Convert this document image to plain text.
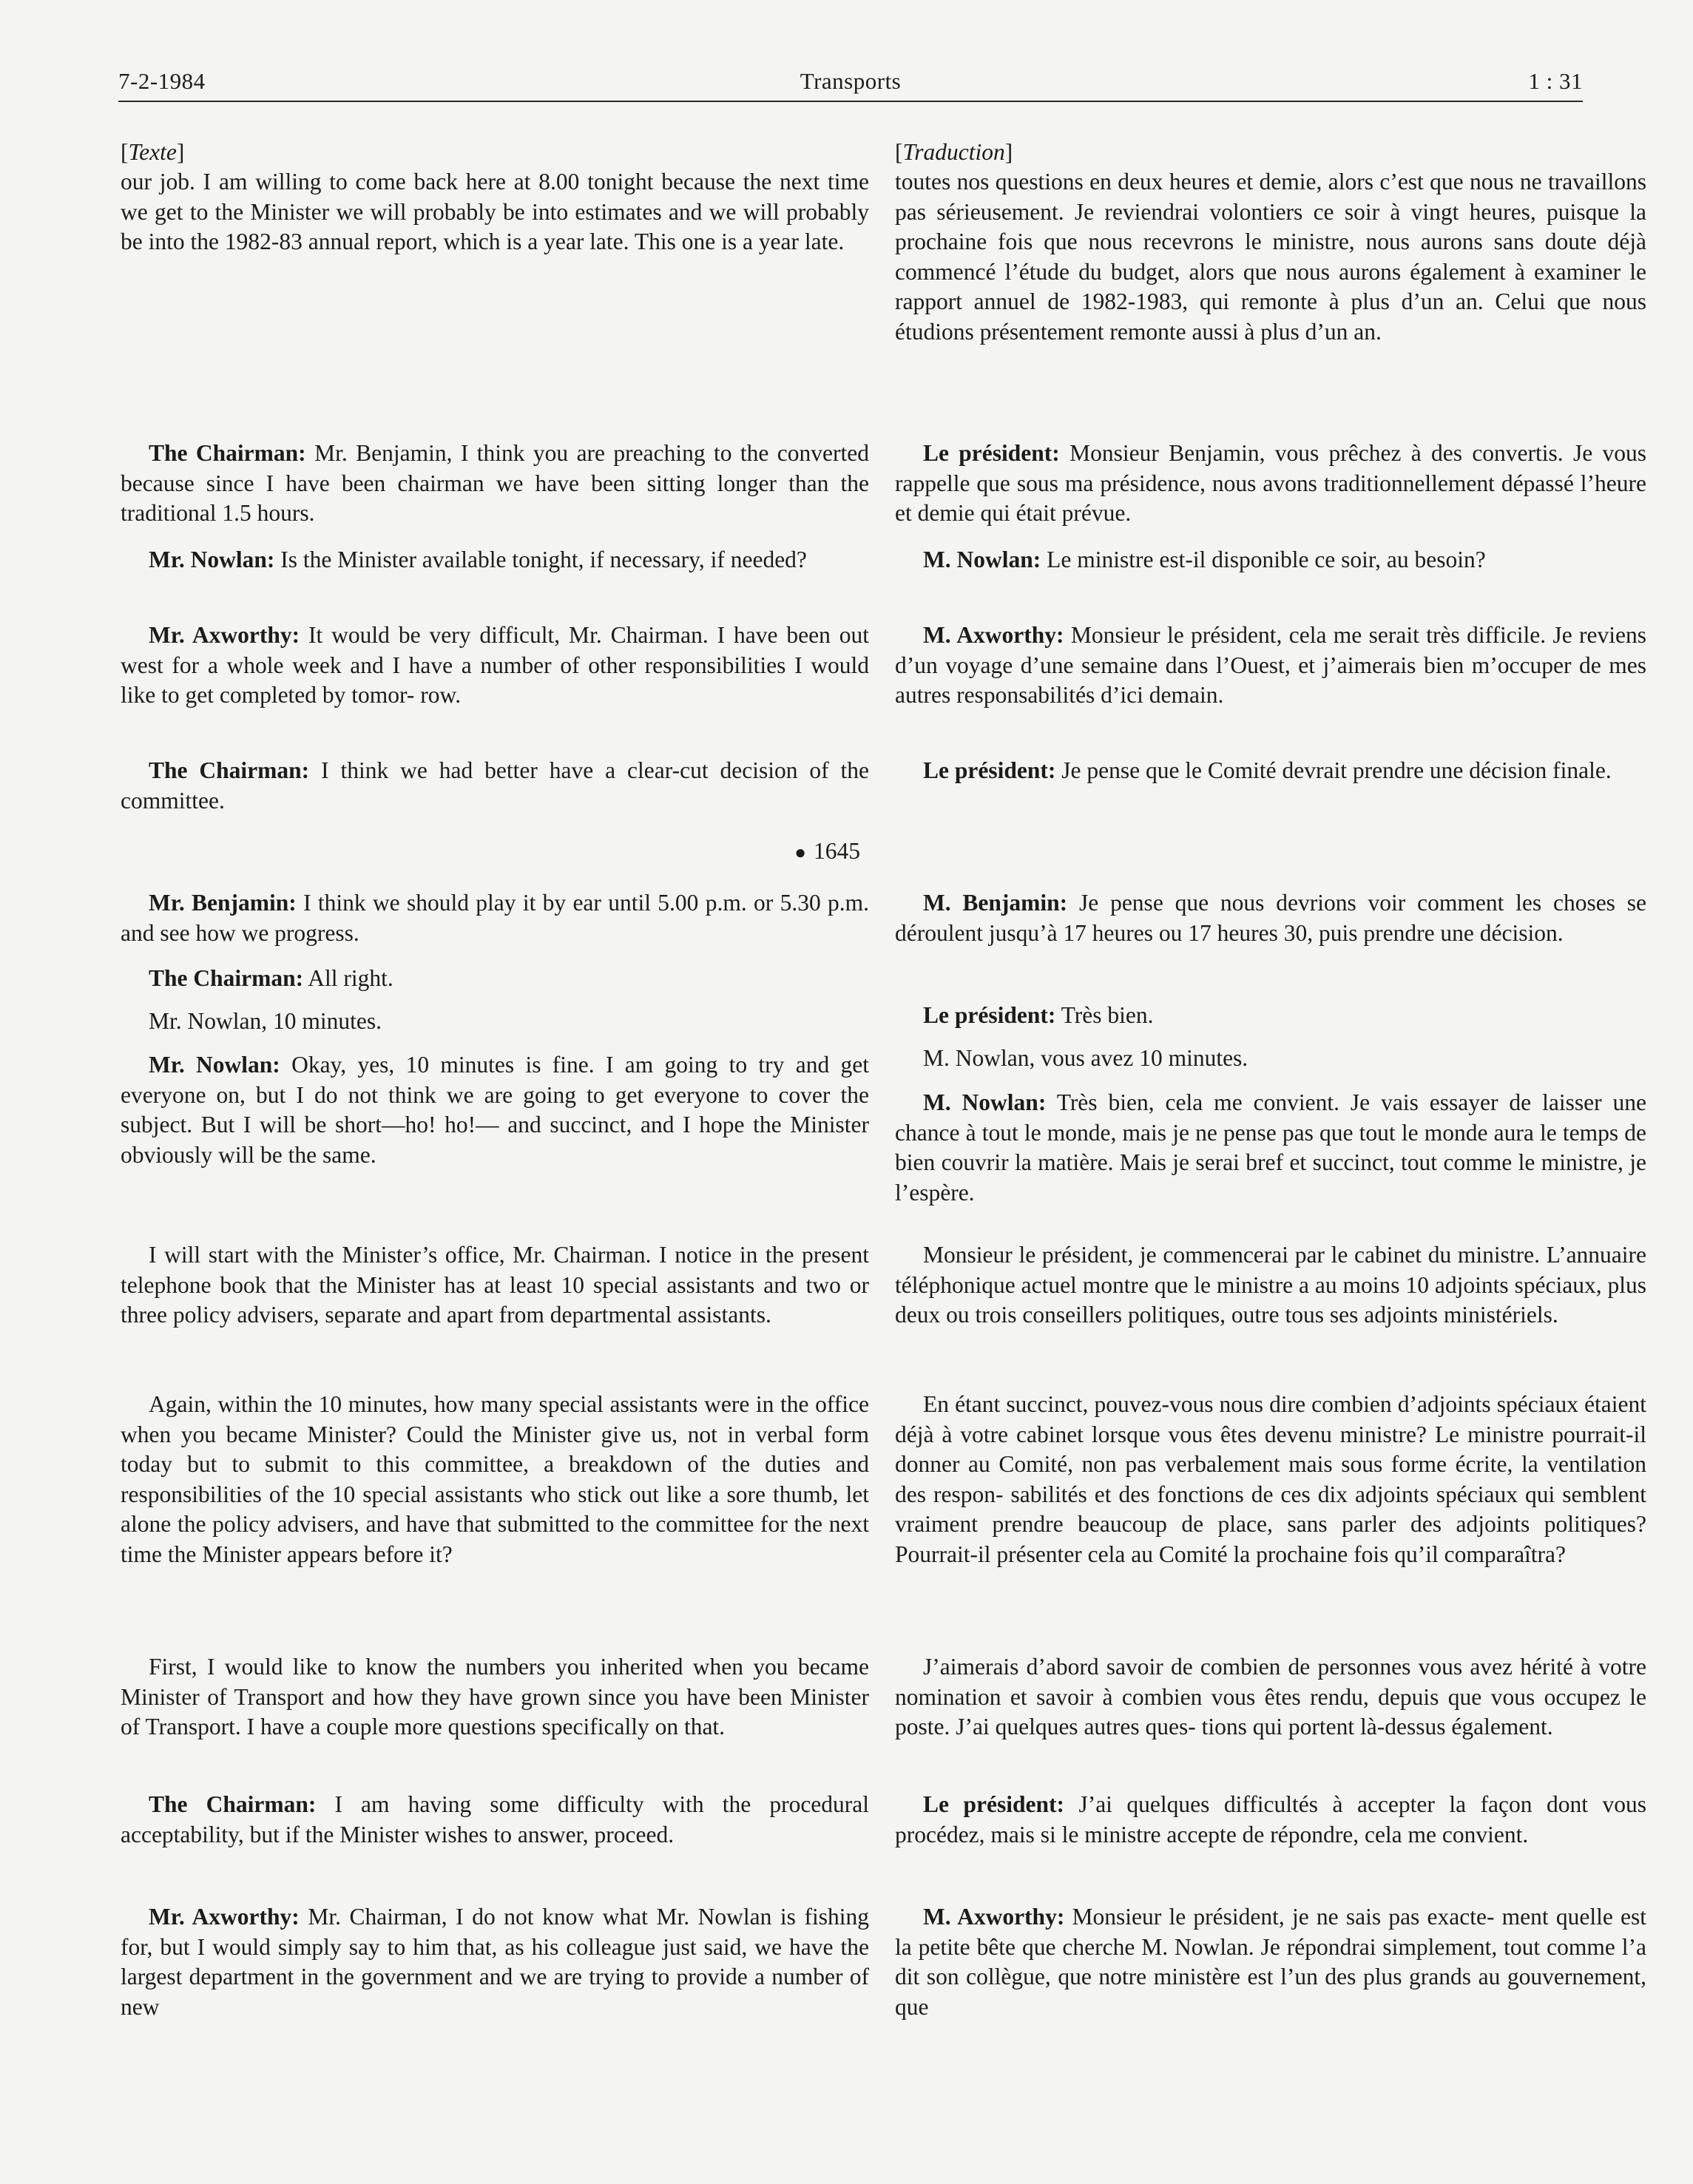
7-2-1984	Transports	1 : 31
[Texte]

our job. I am willing to come back here at 8.00 tonight because the next time we get to the Minister we will probably be into estimates and we will probably be into the 1982-83 annual report, which is a year late. This one is a year late.

The Chairman: Mr. Benjamin, I think you are preaching to the converted because since I have been chairman we have been sitting longer than the traditional 1.5 hours.

Mr. Nowlan: Is the Minister available tonight, if necessary, if needed?

Mr. Axworthy: It would be very difficult, Mr. Chairman. I have been out west for a whole week and I have a number of other responsibilities I would like to get completed by tomor- row.

The Chairman: I think we had better have a clear-cut decision of the committee.

● 1645

Mr. Benjamin: I think we should play it by ear until 5.00 p.m. or 5.30 p.m. and see how we progress.

The Chairman: All right.

Mr. Nowlan, 10 minutes.

Mr. Nowlan: Okay, yes, 10 minutes is fine. I am going to try and get everyone on, but I do not think we are going to get everyone to cover the subject. But I will be short—ho! ho!— and succinct, and I hope the Minister obviously will be the same.

I will start with the Minister’s office, Mr. Chairman. I notice in the present telephone book that the Minister has at least 10 special assistants and two or three policy advisers, separate and apart from departmental assistants.

Again, within the 10 minutes, how many special assistants were in the office when you became Minister? Could the Minister give us, not in verbal form today but to submit to this committee, a breakdown of the duties and responsibilities of the 10 special assistants who stick out like a sore thumb, let alone the policy advisers, and have that submitted to the committee for the next time the Minister appears before it?

First, I would like to know the numbers you inherited when you became Minister of Transport and how they have grown since you have been Minister of Transport. I have a couple more questions specifically on that.

The Chairman: I am having some difficulty with the procedural acceptability, but if the Minister wishes to answer, proceed.

Mr. Axworthy: Mr. Chairman, I do not know what Mr. Nowlan is fishing for, but I would simply say to him that, as his colleague just said, we have the largest department in the government and we are trying to provide a number of new

[Traduction]

toutes nos questions en deux heures et demie, alors c’est que nous ne travaillons pas sérieusement. Je reviendrai volontiers ce soir à vingt heures, puisque la prochaine fois que nous recevrons le ministre, nous aurons sans doute déjà commencé l’étude du budget, alors que nous aurons également à examiner le rapport annuel de 1982-1983, qui remonte à plus d’un an. Celui que nous étudions présentement remonte aussi à plus d’un an.

Le président: Monsieur Benjamin, vous prêchez à des convertis. Je vous rappelle que sous ma présidence, nous avons traditionnellement dépassé l’heure et demie qui était prévue.

M. Nowlan: Le ministre est-il disponible ce soir, au besoin?

M. Axworthy: Monsieur le président, cela me serait très difficile. Je reviens d’un voyage d’une semaine dans l’Ouest, et j’aimerais bien m’occuper de mes autres responsabilités d’ici demain.

Le président: Je pense que le Comité devrait prendre une décision finale.

M. Benjamin: Je pense que nous devrions voir comment les choses se déroulent jusqu’à 17 heures ou 17 heures 30, puis prendre une décision.

Le président: Très bien.

M. Nowlan, vous avez 10 minutes.

M. Nowlan: Très bien, cela me convient. Je vais essayer de laisser une chance à tout le monde, mais je ne pense pas que tout le monde aura le temps de bien couvrir la matière. Mais je serai bref et succinct, tout comme le ministre, je l’espère.

Monsieur le président, je commencerai par le cabinet du ministre. L’annuaire téléphonique actuel montre que le ministre a au moins 10 adjoints spéciaux, plus deux ou trois conseillers politiques, outre tous ses adjoints ministériels.

En étant succinct, pouvez-vous nous dire combien d’adjoints spéciaux étaient déjà à votre cabinet lorsque vous êtes devenu ministre? Le ministre pourrait-il donner au Comité, non pas verbalement mais sous forme écrite, la ventilation des respon- sabilités et des fonctions de ces dix adjoints spéciaux qui semblent vraiment prendre beaucoup de place, sans parler des adjoints politiques? Pourrait-il présenter cela au Comité la prochaine fois qu’il comparaîtra?

J’aimerais d’abord savoir de combien de personnes vous avez hérité à votre nomination et savoir à combien vous êtes rendu, depuis que vous occupez le poste. J’ai quelques autres ques- tions qui portent là-dessus également.

Le président: J’ai quelques difficultés à accepter la façon dont vous procédez, mais si le ministre accepte de répondre, cela me convient.

M. Axworthy: Monsieur le président, je ne sais pas exacte- ment quelle est la petite bête que cherche M. Nowlan. Je répondrai simplement, tout comme l’a dit son collègue, que notre ministère est l’un des plus grands au gouvernement, que
